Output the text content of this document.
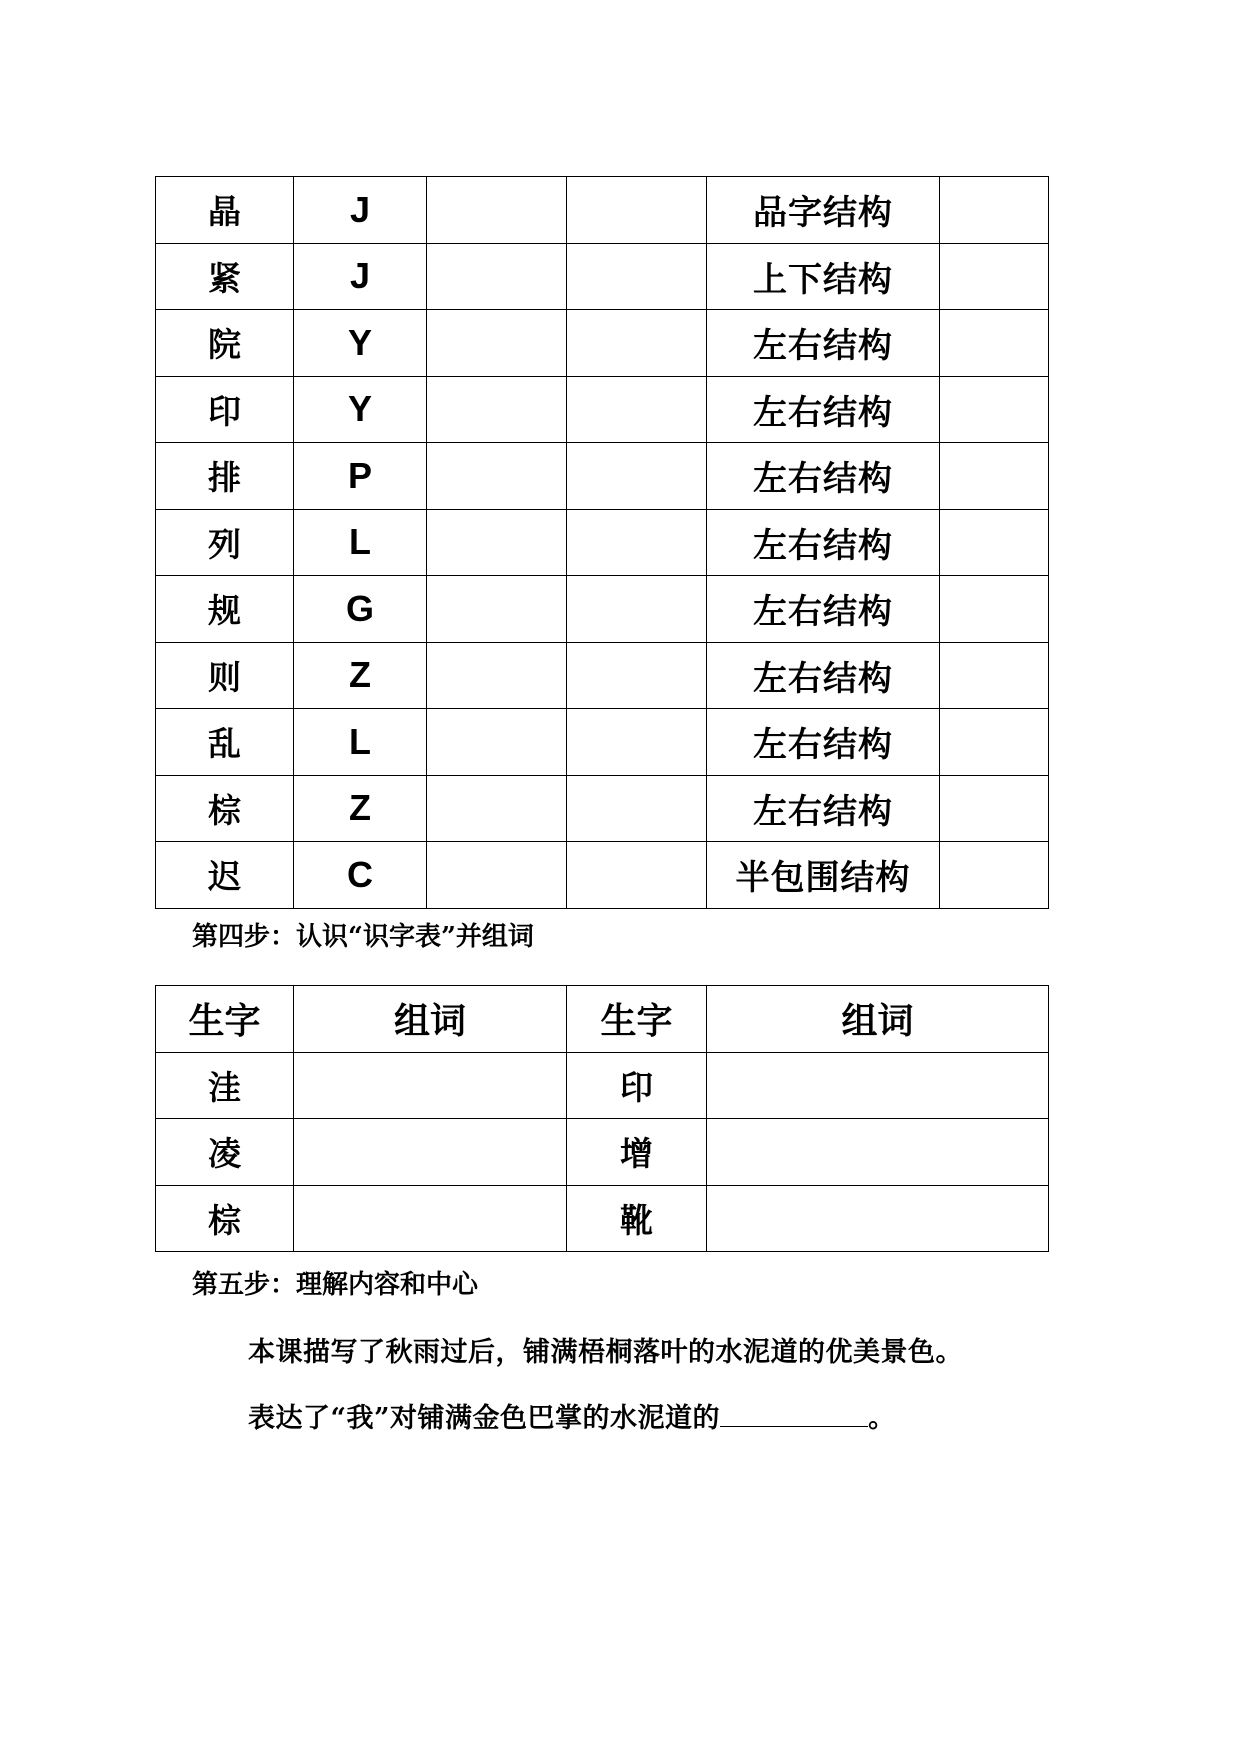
晶	J			品字结构	
紧	J			上下结构	
院	Y			左右结构	
印	Y			左右结构	
排	P			左右结构	
列	L			左右结构	
规	G			左右结构	
则	Z			左右结构	
乱	L			左右结构	
棕	Z			左右结构	
迟	C			半包围结构	
第四步：认识“识字表”并组词
生字	组词	生字	组词
洼		印	
凌		增	
棕		靴	
第五步：理解内容和中心
本课描写了秋雨过后，铺满梧桐落叶的水泥道的优美景色。
表达了“我”对铺满金色巴掌的水泥道的	。
